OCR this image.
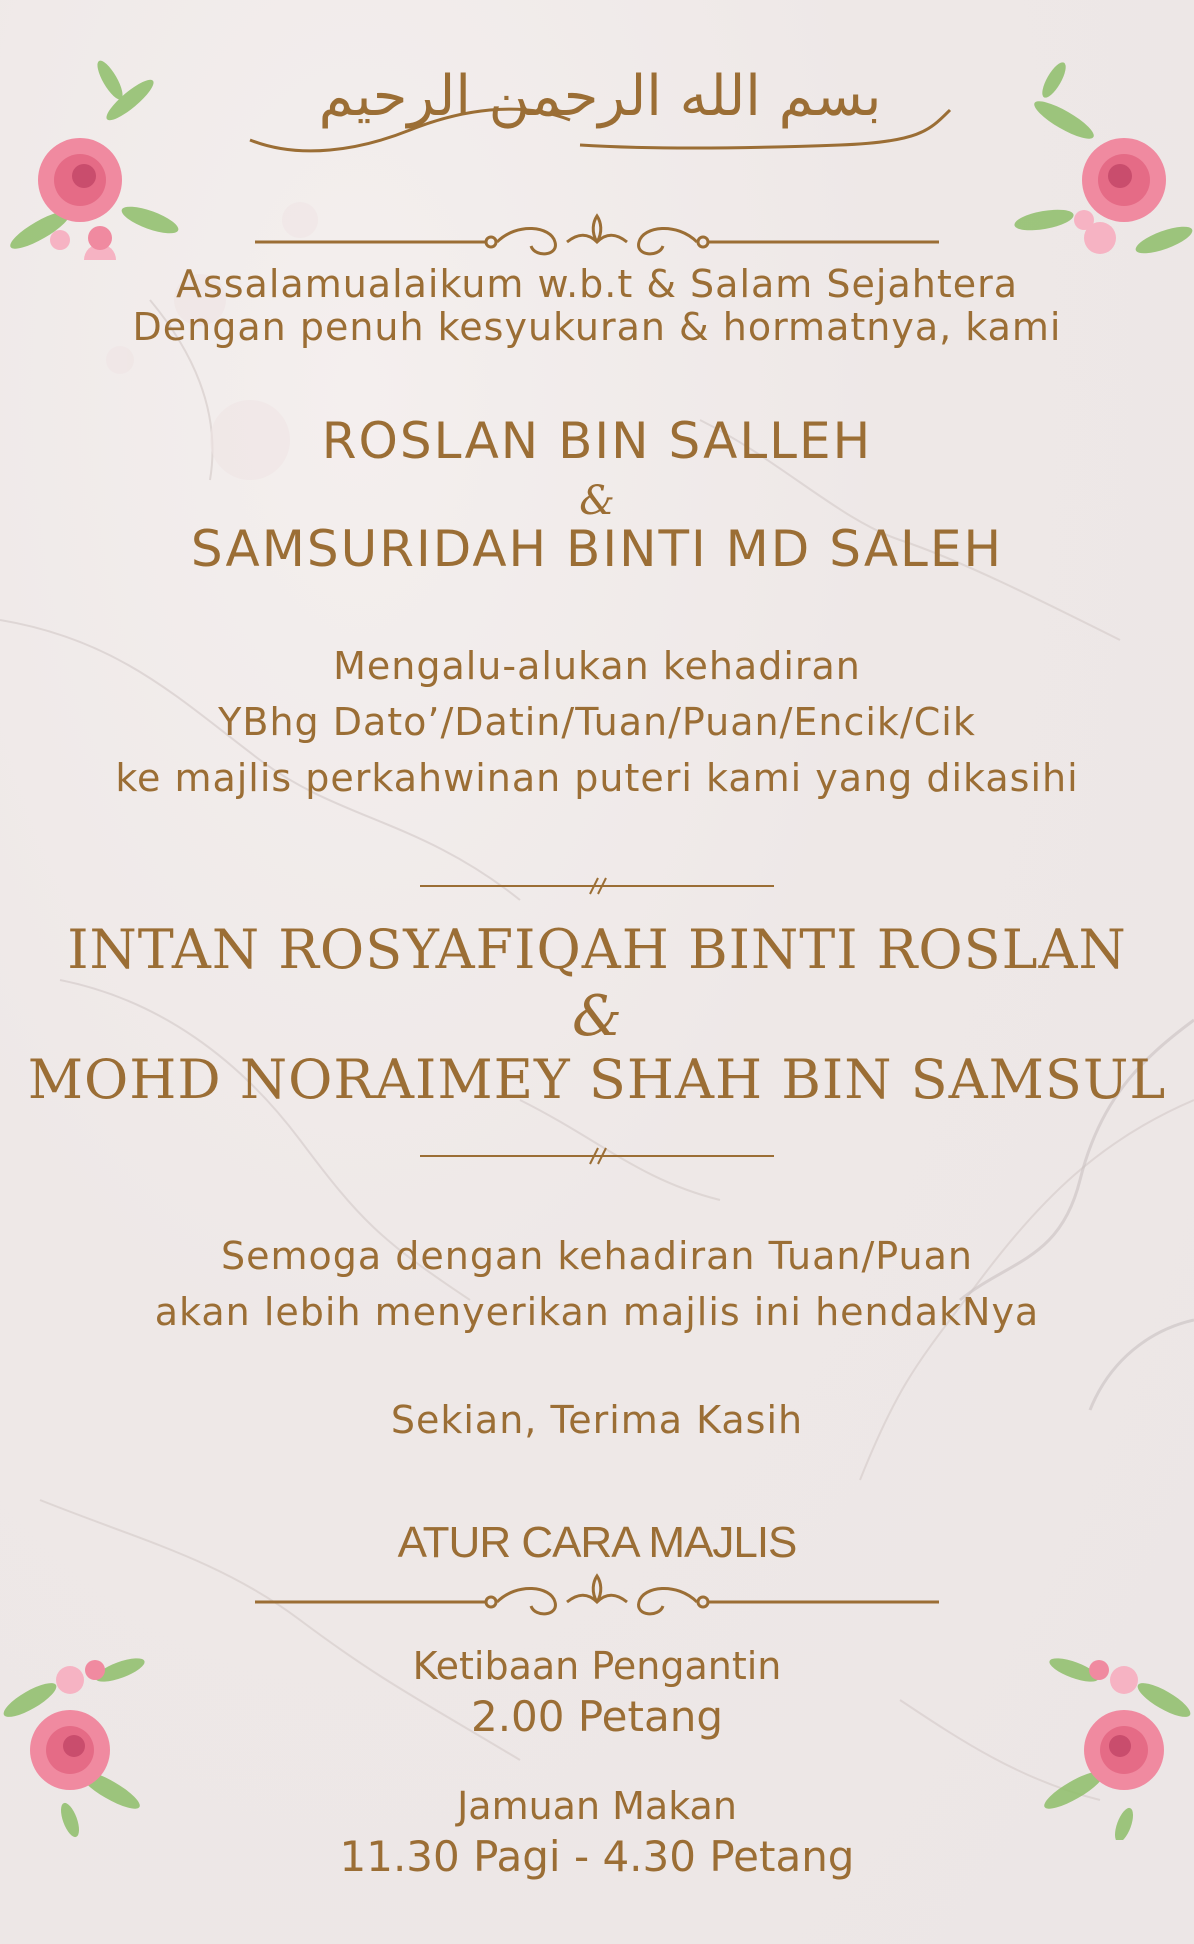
بسم الله الرحمن الرحيم
Assalamualaikum w.b.t & Salam Sejahtera
Dengan penuh kesyukuran & hormatnya, kami
ROSLAN BIN SALLEH
&
SAMSURIDAH BINTI MD SALEH
Mengalu-alukan kehadiran
YBhg Dato’/Datin/Tuan/Puan/Encik/Cik
ke majlis perkahwinan puteri kami yang dikasihi
INTAN ROSYAFIQAH BINTI ROSLAN
&
MOHD NORAIMEY SHAH BIN SAMSUL
Semoga dengan kehadiran Tuan/Puan
akan lebih menyerikan majlis ini hendakNya
Sekian, Terima Kasih
ATUR CARA MAJLIS
Ketibaan Pengantin
2.00 Petang
Jamuan Makan
11.30 Pagi - 4.30 Petang
